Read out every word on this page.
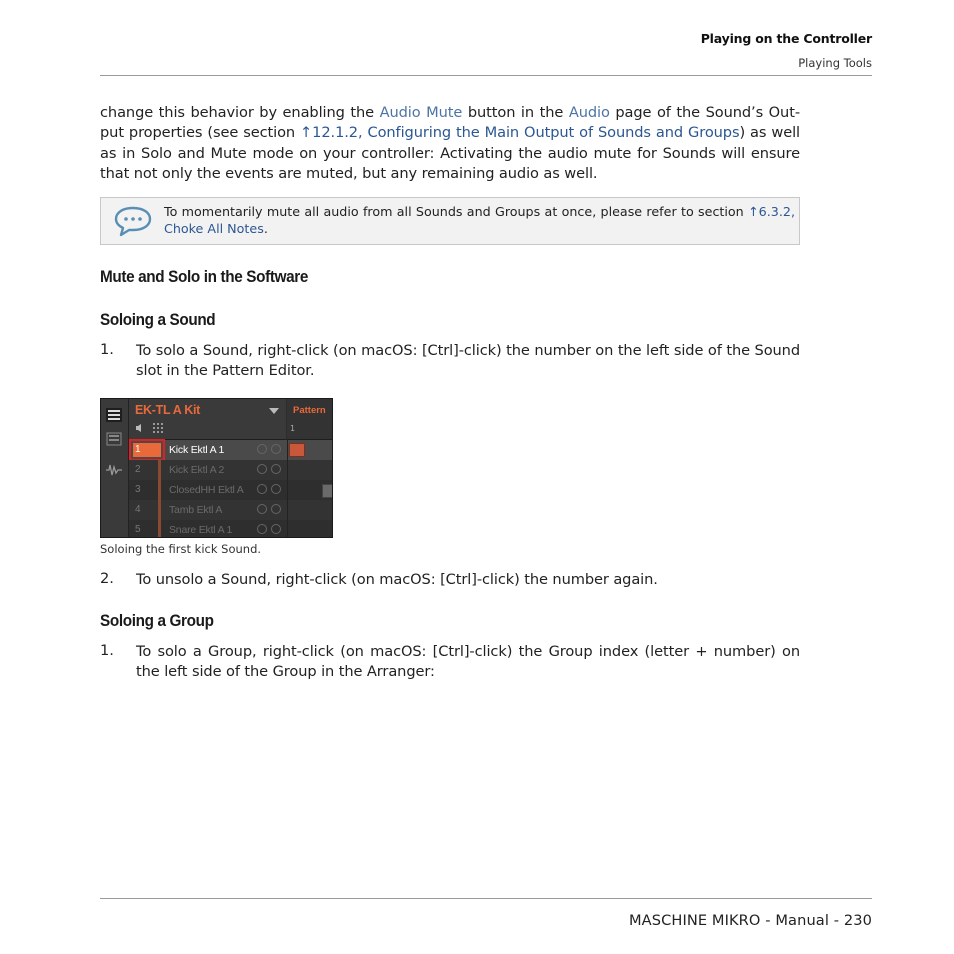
Playing on the Controller
Playing Tools
change this behavior by enabling the Audio Mute button in the Audio page of the Sound’s Out-put properties (see section ↑12.1.2, Configuring the Main Output of Sounds and Groups) as well as in Solo and Mute mode on your controller: Activating the audio mute for Sounds will ensure that not only the events are muted, but any remaining audio as well.
To momentarily mute all audio from all Sounds and Groups at once, please refer to section ↑6.3.2, Choke All Notes.
Mute and Solo in the Software
Soloing a Sound
1. To solo a Sound, right-click (on macOS: [Ctrl]-click) the number on the left side of the Sound slot in the Pattern Editor.
EK-TL A Kit	Pattern
1
1	Kick Ektl A 1
2	Kick Ektl A 2
3	ClosedHH Ektl A
4	Tamb Ektl A
5	Snare Ektl A 1
Soloing the first kick Sound.
2. To unsolo a Sound, right-click (on macOS: [Ctrl]-click) the number again.
Soloing a Group
1. To solo a Group, right-click (on macOS: [Ctrl]-click) the Group index (letter + number) on the left side of the Group in the Arranger:
MASCHINE MIKRO - Manual - 230
